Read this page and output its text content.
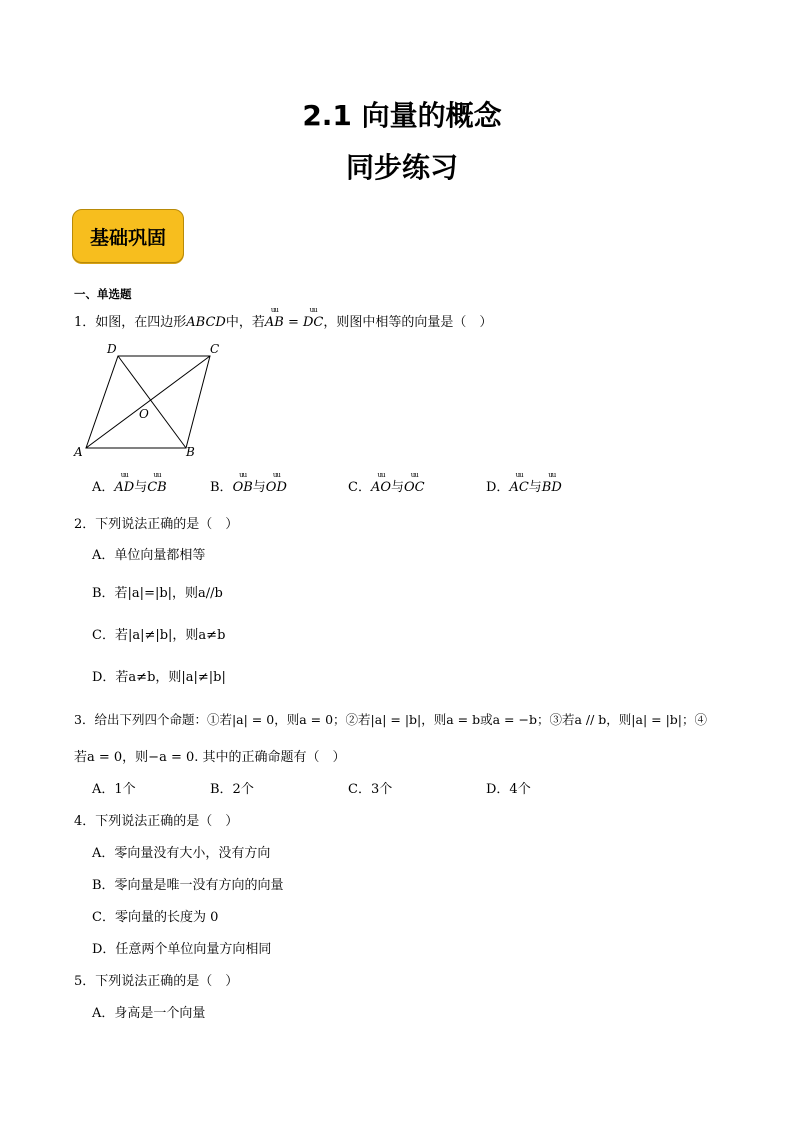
2.1 向量的概念
同步练习
基础巩固
一、单选题
1．如图，在四边形ABCD中，若uu AB = uu DC，则图中相等的向量是（　）
D	C
A	B
O
A．uu AD与uu CB	B．uu OB与uu OD	C．uu AO与uu OC	D．uu AC与uu BD
2．下列说法正确的是（　）
A．单位向量都相等
B．若|a|=|b|，则a//b
C．若|a|≠|b|，则a≠b
D．若a≠b，则|a|≠|b|
3．给出下列四个命题：①若|a| = 0，则a = 0；②若|a| = |b|，则a = b或a = −b；③若a // b，则|a| = |b|；④
若a = 0，则−a = 0. 其中的正确命题有（　）
A．1个	B．2个	C．3个	D．4个
4．下列说法正确的是（　）
A．零向量没有大小，没有方向
B．零向量是唯一没有方向的向量
C．零向量的长度为 0
D．任意两个单位向量方向相同
5．下列说法正确的是（　）
A．身高是一个向量
